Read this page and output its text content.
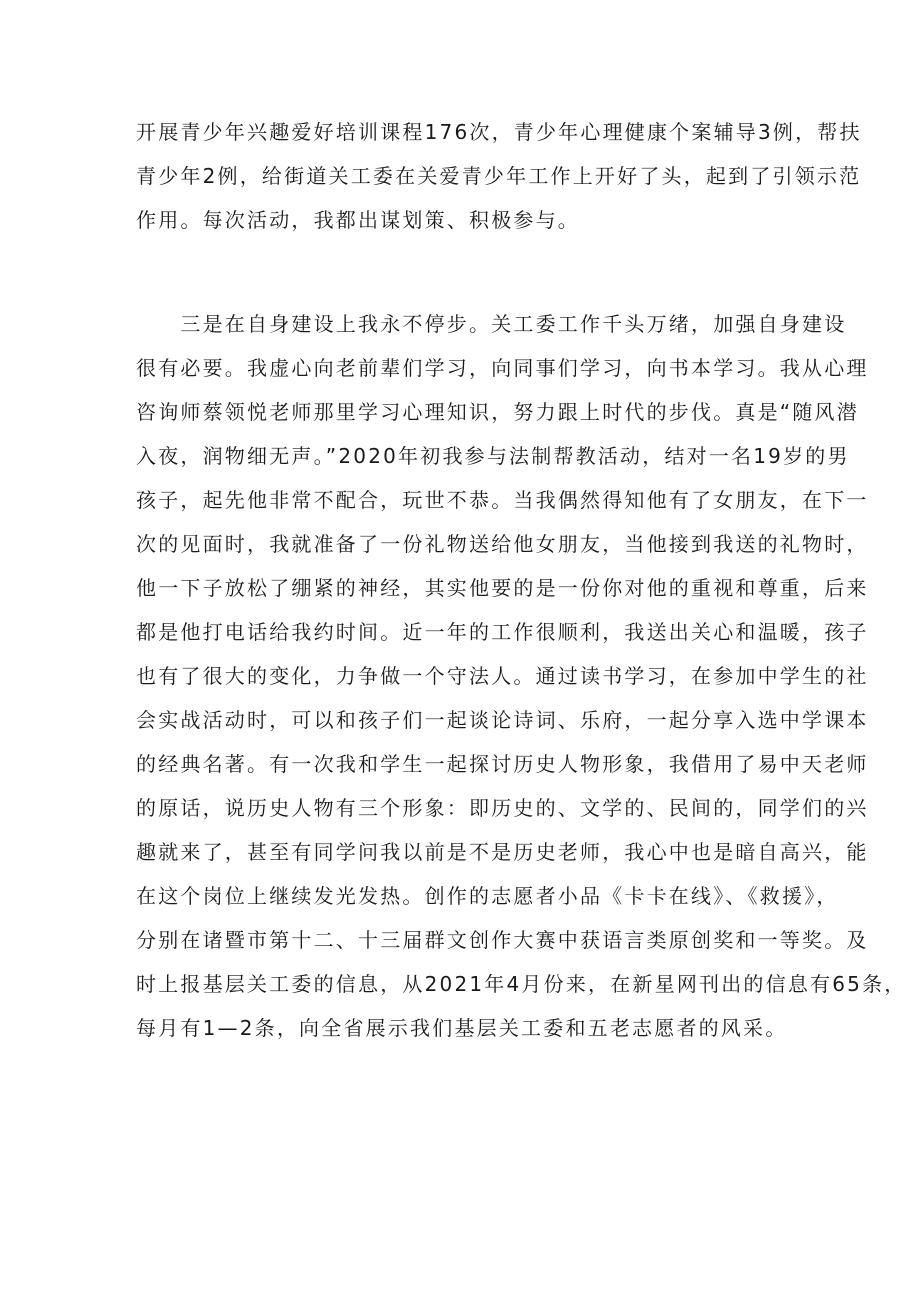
开展青少年兴趣爱好培训课程176次，青少年心理健康个案辅导3例，帮扶
青少年2例，给街道关工委在关爱青少年工作上开好了头，起到了引领示范
作用。每次活动，我都出谋划策、积极参与。
　　三是在自身建设上我永不停步。关工委工作千头万绪，加强自身建设
很有必要。我虚心向老前辈们学习，向同事们学习，向书本学习。我从心理
咨询师蔡领悦老师那里学习心理知识，努力跟上时代的步伐。真是“随风潜
入夜，润物细无声。”2020年初我参与法制帮教活动，结对一名19岁的男
孩子，起先他非常不配合，玩世不恭。当我偶然得知他有了女朋友，在下一
次的见面时，我就准备了一份礼物送给他女朋友，当他接到我送的礼物时，
他一下子放松了绷紧的神经，其实他要的是一份你对他的重视和尊重，后来
都是他打电话给我约时间。近一年的工作很顺利，我送出关心和温暖，孩子
也有了很大的变化，力争做一个守法人。通过读书学习，在参加中学生的社
会实战活动时，可以和孩子们一起谈论诗词、乐府，一起分享入选中学课本
的经典名著。有一次我和学生一起探讨历史人物形象，我借用了易中天老师
的原话，说历史人物有三个形象：即历史的、文学的、民间的，同学们的兴
趣就来了，甚至有同学问我以前是不是历史老师，我心中也是暗自高兴，能
在这个岗位上继续发光发热。创作的志愿者小品《卡卡在线》、《救援》，
分别在诸暨市第十二、十三届群文创作大赛中获语言类原创奖和一等奖。及
时上报基层关工委的信息，从2021年4月份来，在新星网刊出的信息有65条，
每月有1—2条，向全省展示我们基层关工委和五老志愿者的风采。
